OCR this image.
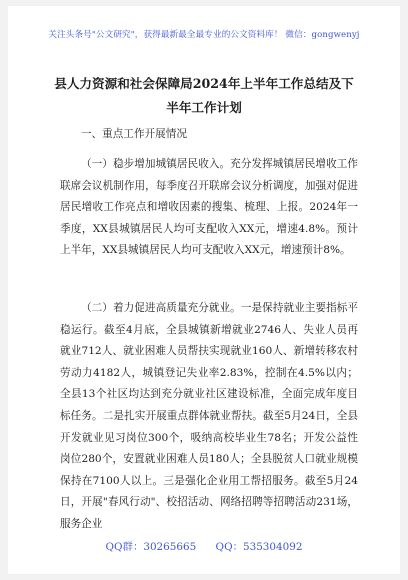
关注头条号"公文研究"，获得最新最全最专业的公文资料库！ 微信：gongwenyj
县人力资源和社会保障局2024年上半年工作总结及下半年工作计划
一、重点工作开展情况
（一）稳步增加城镇居民收入。充分发挥城镇居民增收工作联席会议机制作用，每季度召开联席会议分析调度，加强对促进居民增收工作亮点和增收因素的搜集、梳理、上报。2024年一季度，XX县城镇居民人均可支配收入XX元，增速4.8%。预计上半年，XX县城镇居民人均可支配收入XX元，增速预计8%。
（二）着力促进高质量充分就业。一是保持就业主要指标平稳运行。截至4月底，全县城镇新增就业2746人、失业人员再就业712人、就业困难人员帮扶实现就业160人、新增转移农村劳动力4182人，城镇登记失业率2.83%，控制在4.5%以内；全县13个社区均达到充分就业社区建设标准，全面完成年度目标任务。二是扎实开展重点群体就业帮扶。截至5月24日，全县开发就业见习岗位300个，吸纳高校毕业生78名；开发公益性岗位280个，安置就业困难人员180人；全县脱贫人口就业规模保持在7100人以上。三是强化企业用工帮招服务。截至5月24日，开展"春风行动"、校招活动、网络招聘等招聘活动231场，服务企业
QQ群：30265665 QQ：535304092
